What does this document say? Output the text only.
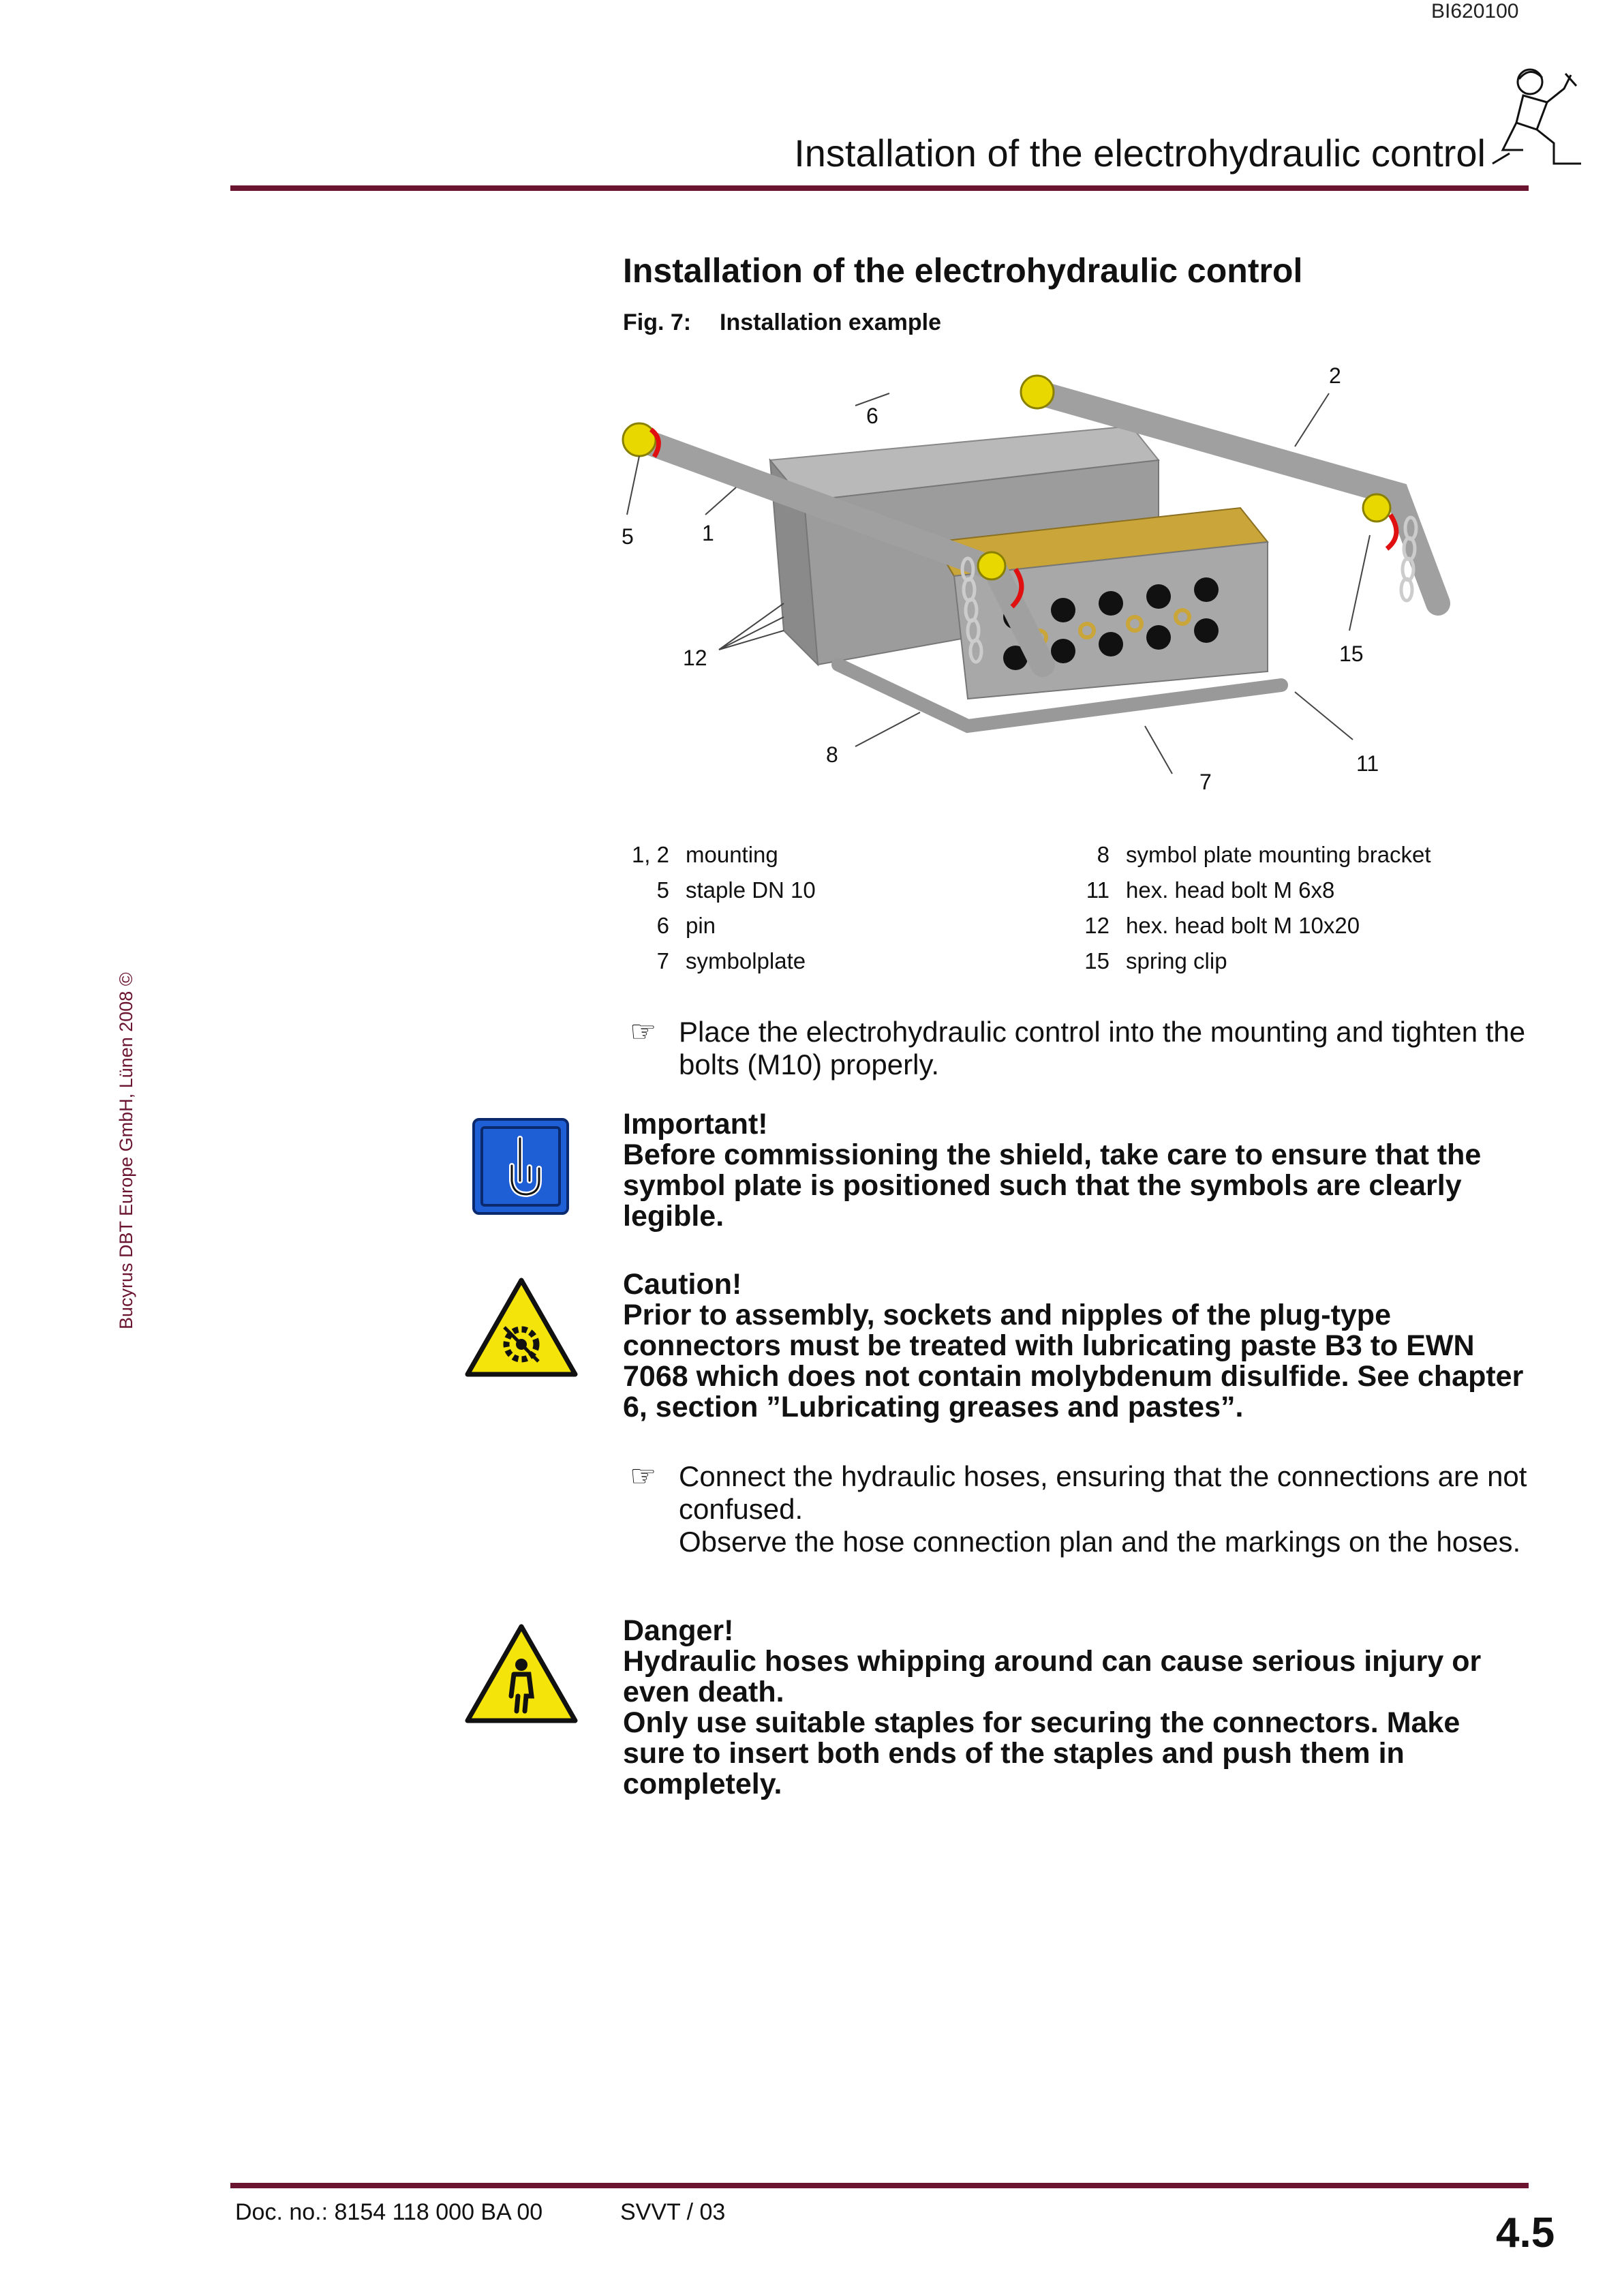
BI620100
Installation of the electrohydraulic control
Installation of the electrohydraulic control
Fig. 7: Installation example
5	1
6
2
12	15
8	11
7
1, 2 mounting
5 staple DN 10
6 pin
7 symbolplate
8 symbol plate mounting bracket
11 hex. head bolt M 6x8
12 hex. head bolt M 10x20
15 spring clip
☞ Place the electrohydraulic control into the mounting and tighten the bolts (M10) properly.
Important!
Before commissioning the shield, take care to ensure that the symbol plate is positioned such that the symbols are clearly legible.
Caution!
Prior to assembly, sockets and nipples of the plug-type connectors must be treated with lubricating paste B3 to EWN 7068 which does not contain molybdenum disulfide. See chapter 6, section ”Lubricating greases and pastes”.
☞ Connect the hydraulic hoses, ensuring that the connections are not confused.
Observe the hose connection plan and the markings on the hoses.
Danger!
Hydraulic hoses whipping around can cause serious injury or even death.
Only use suitable staples for securing the connectors. Make sure to insert both ends of the staples and push them in completely.
Bucyrus DBT Europe GmbH, Lünen 2008 ©
Doc. no.: 8154 118 000 BA 00	SVVT / 03	4.5
